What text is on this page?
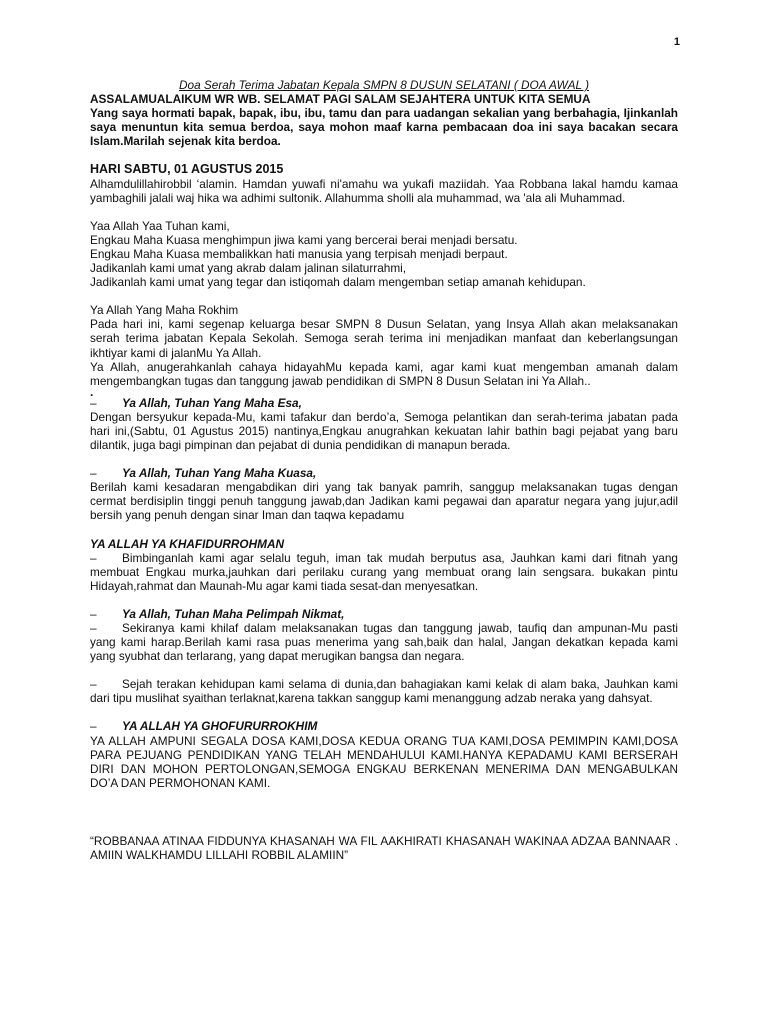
1

Doa Serah Terima Jabatan Kepala SMPN 8 DUSUN SELATANI ( DOA AWAL )

ASSALAMUALAIKUM WR WB. SELAMAT PAGI SALAM SEJAHTERA UNTUK KITA SEMUA

Yang saya hormati bapak, bapak, ibu, ibu, tamu dan para uadangan sekalian yang berbahagia, Ijinkanlah saya menuntun kita semua berdoa, saya mohon maaf karna pembacaan doa ini saya bacakan secara Islam.Marilah sejenak kita berdoa.

HARI SABTU, 01 AGUSTUS 2015

Alhamdulillahirobbil ‘alamin. Hamdan yuwafi ni'amahu wa yukafi maziidah. Yaa Robbana lakal hamdu kamaa yambaghili jalali waj hika wa adhimi sultonik. Allahumma sholli ala muhammad, wa 'ala ali Muhammad.

Yaa Allah Yaa Tuhan kami,

Engkau Maha Kuasa menghimpun jiwa kami yang bercerai berai menjadi bersatu.

Engkau Maha Kuasa membalikkan hati manusia yang terpisah menjadi berpaut.

Jadikanlah kami umat yang akrab dalam jalinan silaturrahmi,

Jadikanlah kami umat yang tegar dan istiqomah dalam mengemban setiap amanah kehidupan.

Ya Allah Yang Maha Rokhim

Pada hari ini, kami segenap keluarga besar SMPN 8 Dusun Selatan, yang Insya Allah akan melaksanakan serah terima jabatan Kepala Sekolah. Semoga serah terima ini menjadikan manfaat dan keberlangsungan ikhtiyar kami di jalanMu Ya Allah.

Ya Allah, anugerahkanlah cahaya hidayahMu kepada kami, agar kami kuat mengemban amanah dalam mengembangkan tugas dan tanggung jawab pendidikan di SMPN 8 Dusun Selatan ini Ya Allah..

.

– Ya Allah, Tuhan Yang Maha Esa,

Dengan bersyukur kepada-Mu, kami tafakur dan berdo’a, Semoga pelantikan dan serah-terima jabatan pada hari ini,(Sabtu, 01 Agustus 2015) nantinya,Engkau anugrahkan kekuatan lahir bathin bagi pejabat yang baru dilantik, juga bagi pimpinan dan pejabat di dunia pendidikan di manapun berada.

– Ya Allah, Tuhan Yang Maha Kuasa,

Berilah kami kesadaran mengabdikan diri yang tak banyak pamrih, sanggup melaksanakan tugas dengan cermat berdisiplin tinggi penuh tanggung jawab,dan Jadikan kami pegawai dan aparatur negara yang jujur,adil bersih yang penuh dengan sinar Iman dan taqwa kepadamu

YA ALLAH YA KHAFIDURROHMAN

– Bimbinganlah kami agar selalu teguh, iman tak mudah berputus asa, Jauhkan kami dari fitnah yang membuat Engkau murka,jauhkan dari perilaku curang yang membuat orang lain sengsara. bukakan pintu Hidayah,rahmat dan Maunah-Mu agar kami tiada sesat-dan menyesatkan.

– Ya Allah, Tuhan Maha Pelimpah Nikmat,

– Sekiranya kami khilaf dalam melaksanakan tugas dan tanggung jawab, taufiq dan ampunan-Mu pasti yang kami harap.Berilah kami rasa puas menerima yang sah,baik dan halal, Jangan dekatkan kepada kami yang syubhat dan terlarang, yang dapat merugikan bangsa dan negara.

– Sejah terakan kehidupan kami selama di dunia,dan bahagiakan kami kelak di alam baka, Jauhkan kami dari tipu muslihat syaithan terlaknat,karena takkan sanggup kami menanggung adzab neraka yang dahsyat.

– YA ALLAH YA GHOFURURROKHIM

YA ALLAH AMPUNI SEGALA DOSA KAMI,DOSA KEDUA ORANG TUA KAMI,DOSA PEMIMPIN KAMI,DOSA PARA PEJUANG PENDIDIKAN YANG TELAH MENDAHULUI KAMI.HANYA KEPADAMU KAMI BERSERAH DIRI DAN MOHON PERTOLONGAN,SEMOGA ENGKAU BERKENAN MENERIMA DAN MENGABULKAN DO’A DAN PERMOHONAN KAMI.

“ROBBANAA ATINAA FIDDUNYA KHASANAH WA FIL AAKHIRATI KHASANAH WAKINAA ADZAA BANNAAR . AMIIN WALKHAMDU LILLAHI ROBBIL ALAMIIN”
